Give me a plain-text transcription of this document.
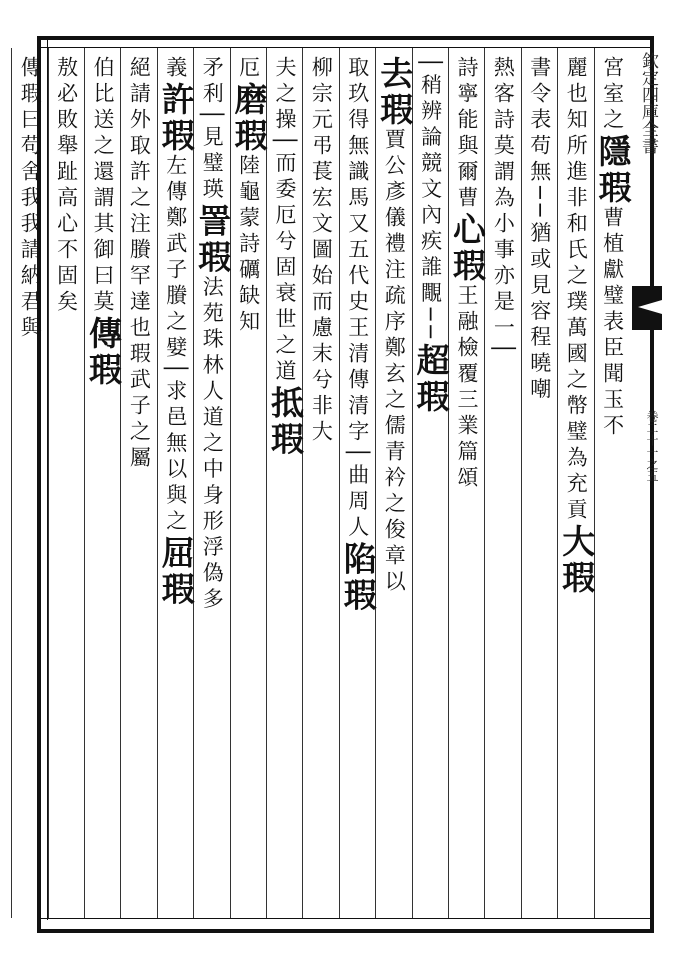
欽定四庫全書
卷二十一之五
宮室之隱瑕曹植獻璧表臣聞玉不
麗也知所進非和氏之璞萬國之幣璧為充貢大瑕
書令表苟無──猶或見容程曉嘲
熱客詩莫謂為小事亦是一│
詩寧能與爾曹心瑕王融檢覆三業篇頌
│稍辨論競文內疾誰覸──超瑕
去瑕賈公彥儀禮注疏序鄭玄之儒青衿之俊章以
取玖得無識馬又五代史王清傳清字│曲周人陷瑕
柳宗元弔萇宏文圖始而慮末兮非大
夫之操│而委厄兮固衰世之道抵瑕
厄磨瑕陸龜蒙詩礪缺知
矛利│見璧瑛詈瑕法苑珠林人道之中身形浮偽多
義許瑕左傳鄭武子賸之嬖│求邑無以與之屈瑕
絕請外取許之注賸罕達也瑕武子之屬
伯比送之還謂其御曰莫傳瑕
敖必敗舉趾高心不固矣
傳瑕曰苟舍我我請納君與
